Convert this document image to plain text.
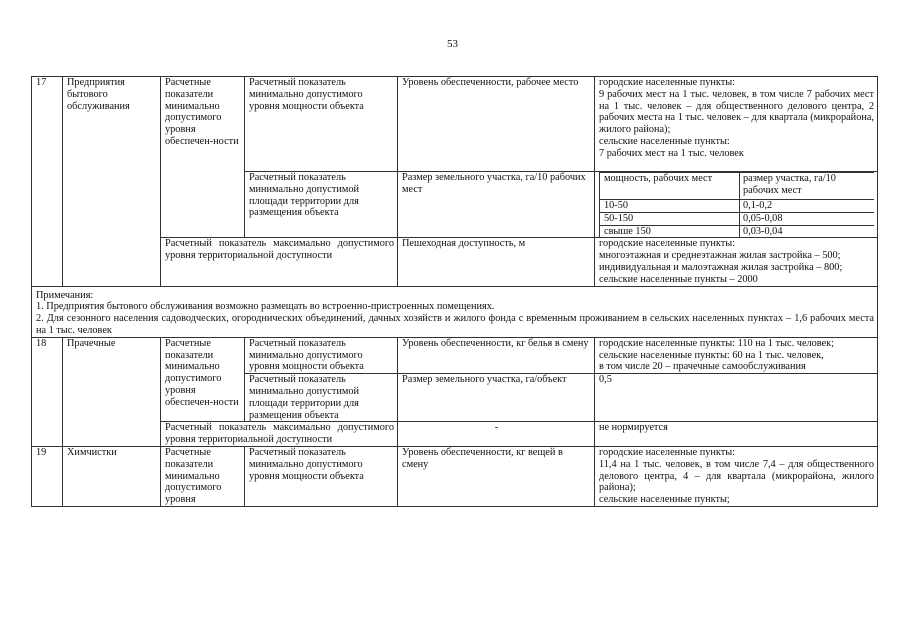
53
17	Предприятия бытового обслуживания	Расчетные показатели минимально допустимого уровня обеспечен-ности	Расчетный показатель минимально допустимого уровня мощности объекта	Уровень обеспеченности, рабочее место	городские населенные пункты:

9 рабочих мест на 1 тыс. человек, в том числе 7 рабочих мест на 1 тыс. человек – для общественного делового центра, 2 рабочих места на 1 тыс. человек – для квартала (микрорайона, жилого района);

сельские населенные пункты:

7 рабочих мест на 1 тыс. человек

Расчетный показатель минимально допустимой площади территории для размещения объекта	Размер земельного участка, га/10 рабочих мест	
мощность, рабочих мест	размер участка, га/10 рабочих мест
10-50	0,1-0,2
50-150	0,05-0,08
свыше 150	0,03-0,04

Расчетный показатель максимально допустимого уровня территориальной доступности	Пешеходная доступность, м	городские населенные пункты:

многоэтажная и среднеэтажная жилая застройка – 500;

индивидуальная и малоэтажная жилая застройка – 800;

сельские населенные пункты – 2000

Примечания:

1. Предприятия бытового обслуживания возможно размещать во встроенно-пристроенных помещениях.

2. Для сезонного населения садоводческих, огороднических объединений, дачных хозяйств и жилого фонда с временным проживанием в сельских населенных пунктах – 1,6 рабочих места на 1 тыс. человек

18	Прачечные	Расчетные показатели минимально допустимого уровня обеспечен-ности	Расчетный показатель минимально допустимого уровня мощности объекта	Уровень обеспеченности, кг белья в смену	городские населенные пункты: 110 на 1 тыс. человек;

сельские населенные пункты: 60 на 1 тыс. человек,

в том числе 20 – прачечные самообслуживания

Расчетный показатель минимально допустимой площади территории для размещения объекта	Размер земельного участка, га/объект	0,5
Расчетный показатель максимально допустимого уровня территориальной доступности	-	не нормируется
19	Химчистки	Расчетные показатели минимально допустимого уровня	Расчетный показатель минимально допустимого уровня мощности объекта	Уровень обеспеченности, кг вещей в смену	

городские населенные пункты:

11,4 на 1 тыс. человек, в том числе 7,4 – для общественного делового центра, 4 – для квартала (микрорайона, жилого района);

сельские населенные пункты;
